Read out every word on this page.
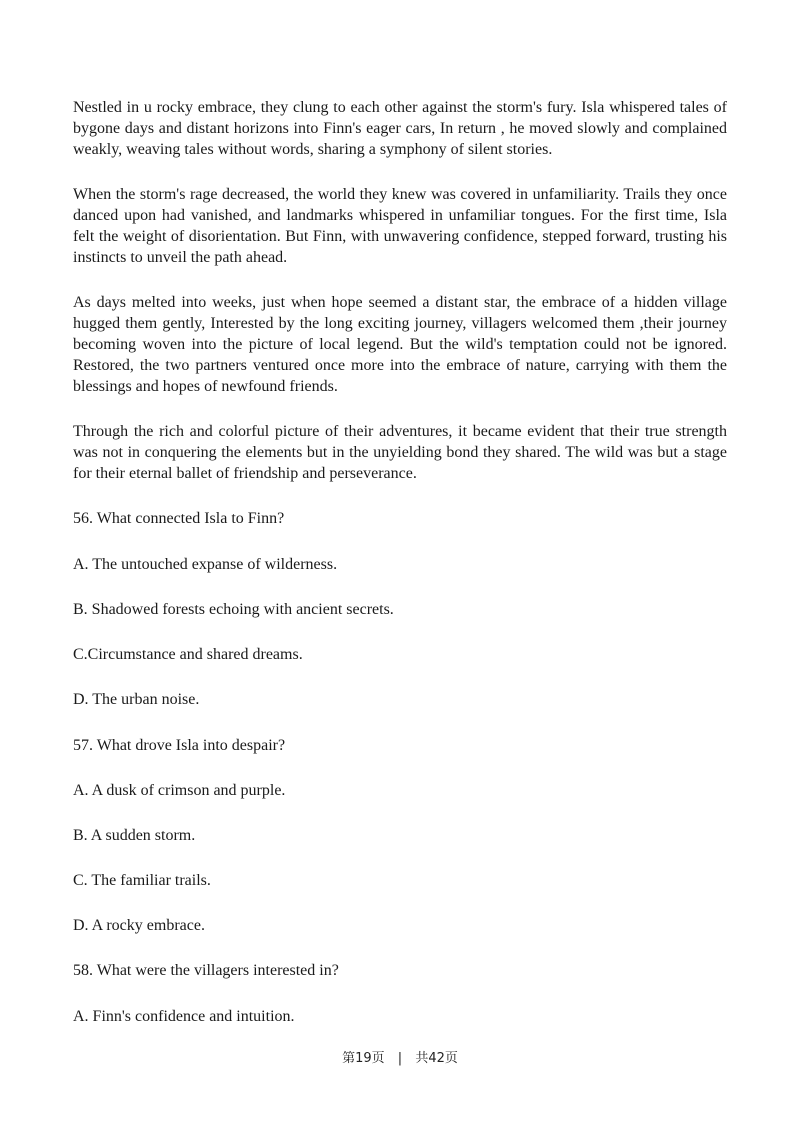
Nestled in u rocky embrace, they clung to each other against the storm's fury. Isla whispered tales of bygone days and distant horizons into Finn's eager cars, In return , he moved slowly and complained weakly, weaving tales without words, sharing a symphony of silent stories.

When the storm's rage decreased, the world they knew was covered in unfamiliarity. Trails they once danced upon had vanished, and landmarks whispered in unfamiliar tongues. For the first time, Isla felt the weight of disorientation. But Finn, with unwavering confidence, stepped forward, trusting his instincts to unveil the path ahead.

As days melted into weeks, just when hope seemed a distant star, the embrace of a hidden village hugged them gently, Interested by the long exciting journey, villagers welcomed them ,their journey becoming woven into the picture of local legend. But the wild's temptation could not be ignored. Restored, the two partners ventured once more into the embrace of nature, carrying with them the blessings and hopes of newfound friends.

Through the rich and colorful picture of their adventures, it became evident that their true strength was not in conquering the elements but in the unyielding bond they shared. The wild was but a stage for their eternal ballet of friendship and perseverance.

56. What connected Isla to Finn?

A. The untouched expanse of wilderness.

B. Shadowed forests echoing with ancient secrets.

C.Circumstance and shared dreams.

D. The urban noise.

57. What drove Isla into despair?

A. A dusk of crimson and purple.

B. A sudden storm.

C. The familiar trails.

D. A rocky embrace.

58. What were the villagers interested in?

A. Finn's confidence and intuition.

第19页 | 共42页
